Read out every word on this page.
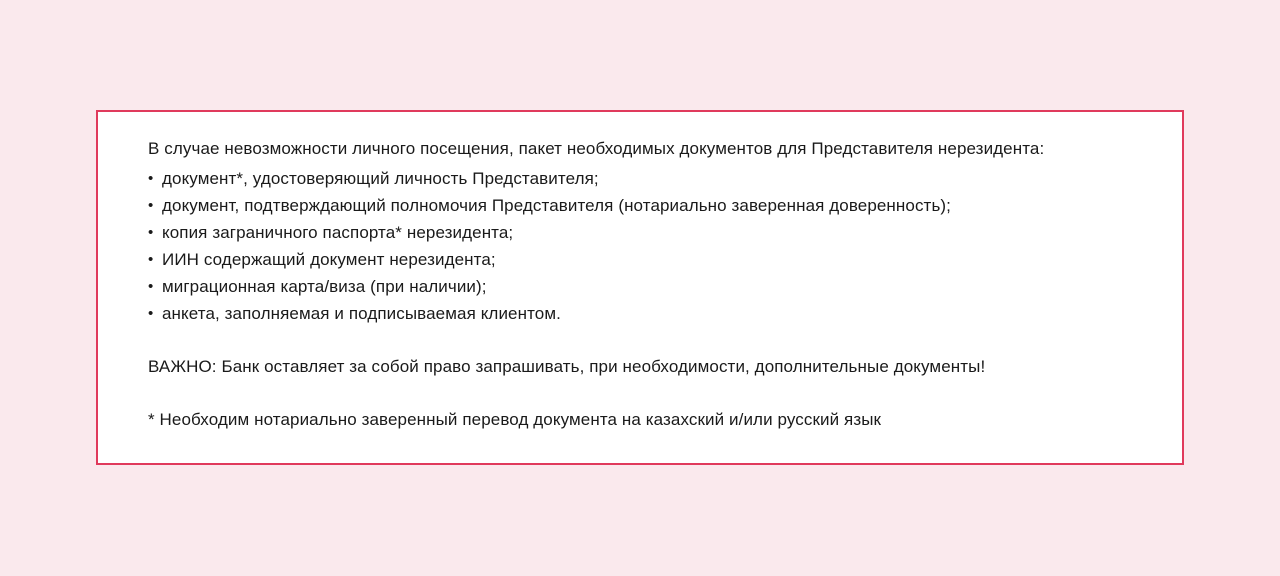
В случае невозможности личного посещения, пакет необходимых документов для Представителя нерезидента:

• документ*, удостоверяющий личность Представителя;
• документ, подтверждающий полномочия Представителя (нотариально заверенная доверенность);
• копия заграничного паспорта* нерезидента;
• ИИН содержащий документ нерезидента;
• миграционная карта/виза (при наличии);
• анкета, заполняемая и подписываемая клиентом.

ВАЖНО: Банк оставляет за собой право запрашивать, при необходимости, дополнительные документы!

* Необходим нотариально заверенный перевод документа на казахский и/или русский язык
